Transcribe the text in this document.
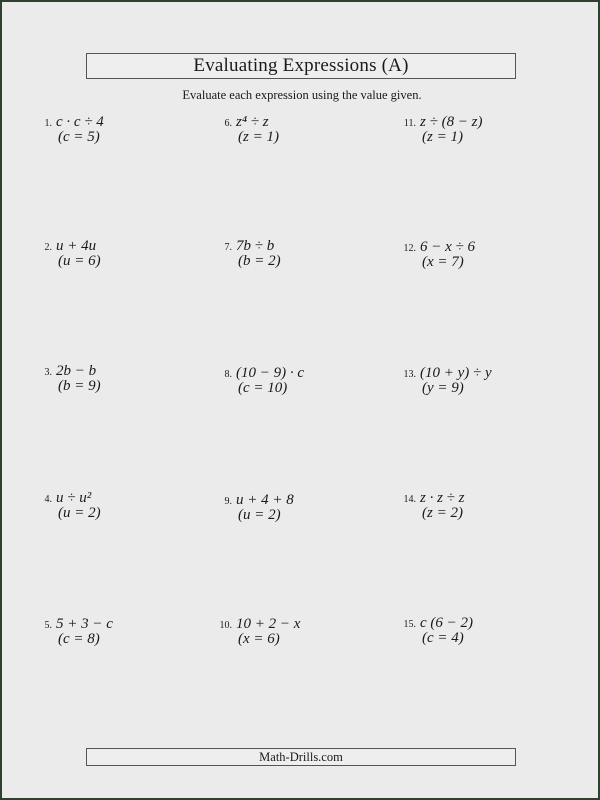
Evaluating Expressions (A)
Evaluate each expression using the value given.
1. c · c ÷ 4
(c = 5)
2. u + 4u
(u = 6)
3. 2b − b
(b = 9)
4. u ÷ u²
(u = 2)
5. 5 + 3 − c
(c = 8)
6. z⁴ ÷ z
(z = 1)
7. 7b ÷ b
(b = 2)
8. (10 − 9) · c
(c = 10)
9. u + 4 + 8
(u = 2)
10. 10 + 2 − x
(x = 6)
11. z ÷ (8 − z)
(z = 1)
12. 6 − x ÷ 6
(x = 7)
13. (10 + y) ÷ y
(y = 9)
14. z · z ÷ z
(z = 2)
15. c (6 − 2)
(c = 4)
Math-Drills.com
